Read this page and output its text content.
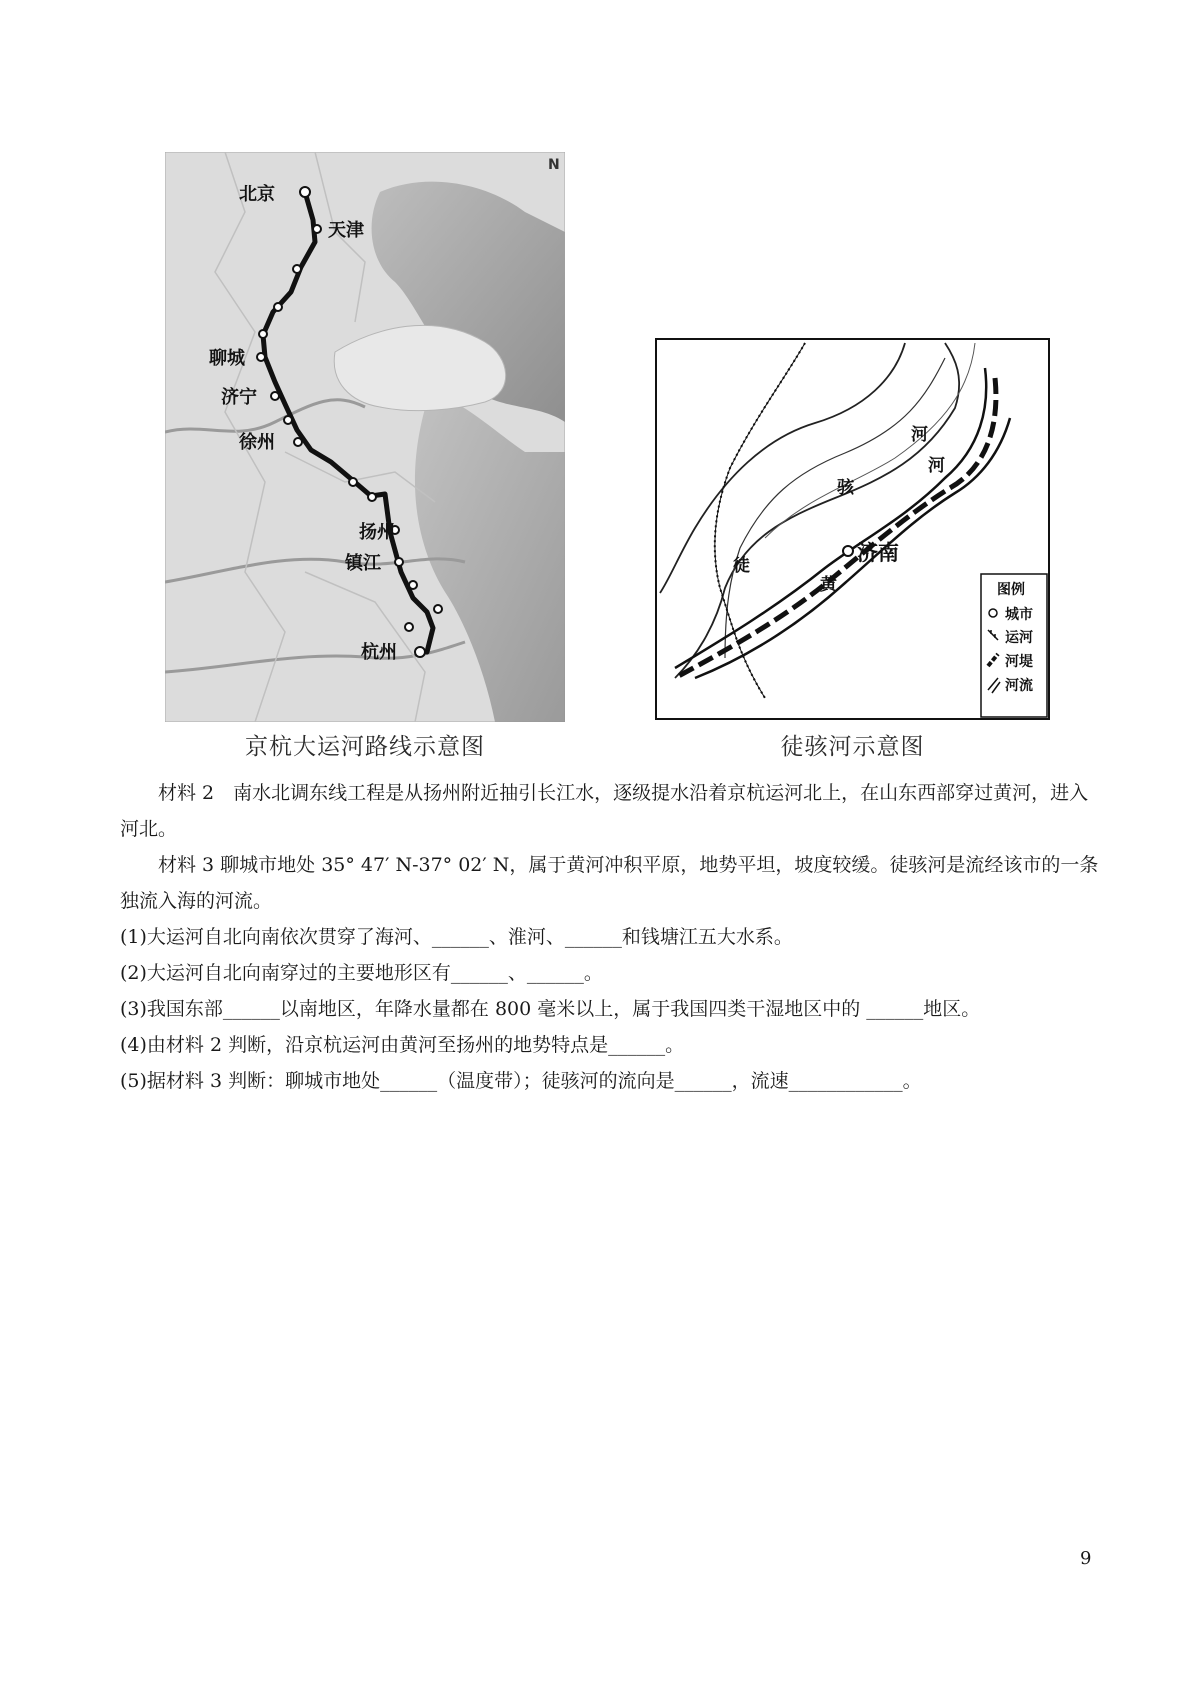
N
北京
天津
聊城
济宁
徐州
扬州
镇江
杭州
京杭大运河路线示意图
济南
河
河
骇
徒
黄	图例
城市
运河
河堤
河流
徒骇河示意图

材料 2　南水北调东线工程是从扬州附近抽引长江水，逐级提水沿着京杭运河北上，在山东西部穿过黄河，进入河北。

材料 3 聊城市地处 35° 47′ N-37° 02′ N，属于黄河冲积平原，地势平坦，坡度较缓。徒骇河是流经该市的一条独流入海的河流。

(1)大运河自北向南依次贯穿了海河、______、淮河、______和钱塘江五大水系。

(2)大运河自北向南穿过的主要地形区有______、______。

(3)我国东部______以南地区，年降水量都在 800 毫米以上，属于我国四类干湿地区中的 ______地区。

(4)由材料 2 判断，沿京杭运河由黄河至扬州的地势特点是______。

(5)据材料 3 判断：聊城市地处______（温度带）；徒骇河的流向是______，流速____________。

9
